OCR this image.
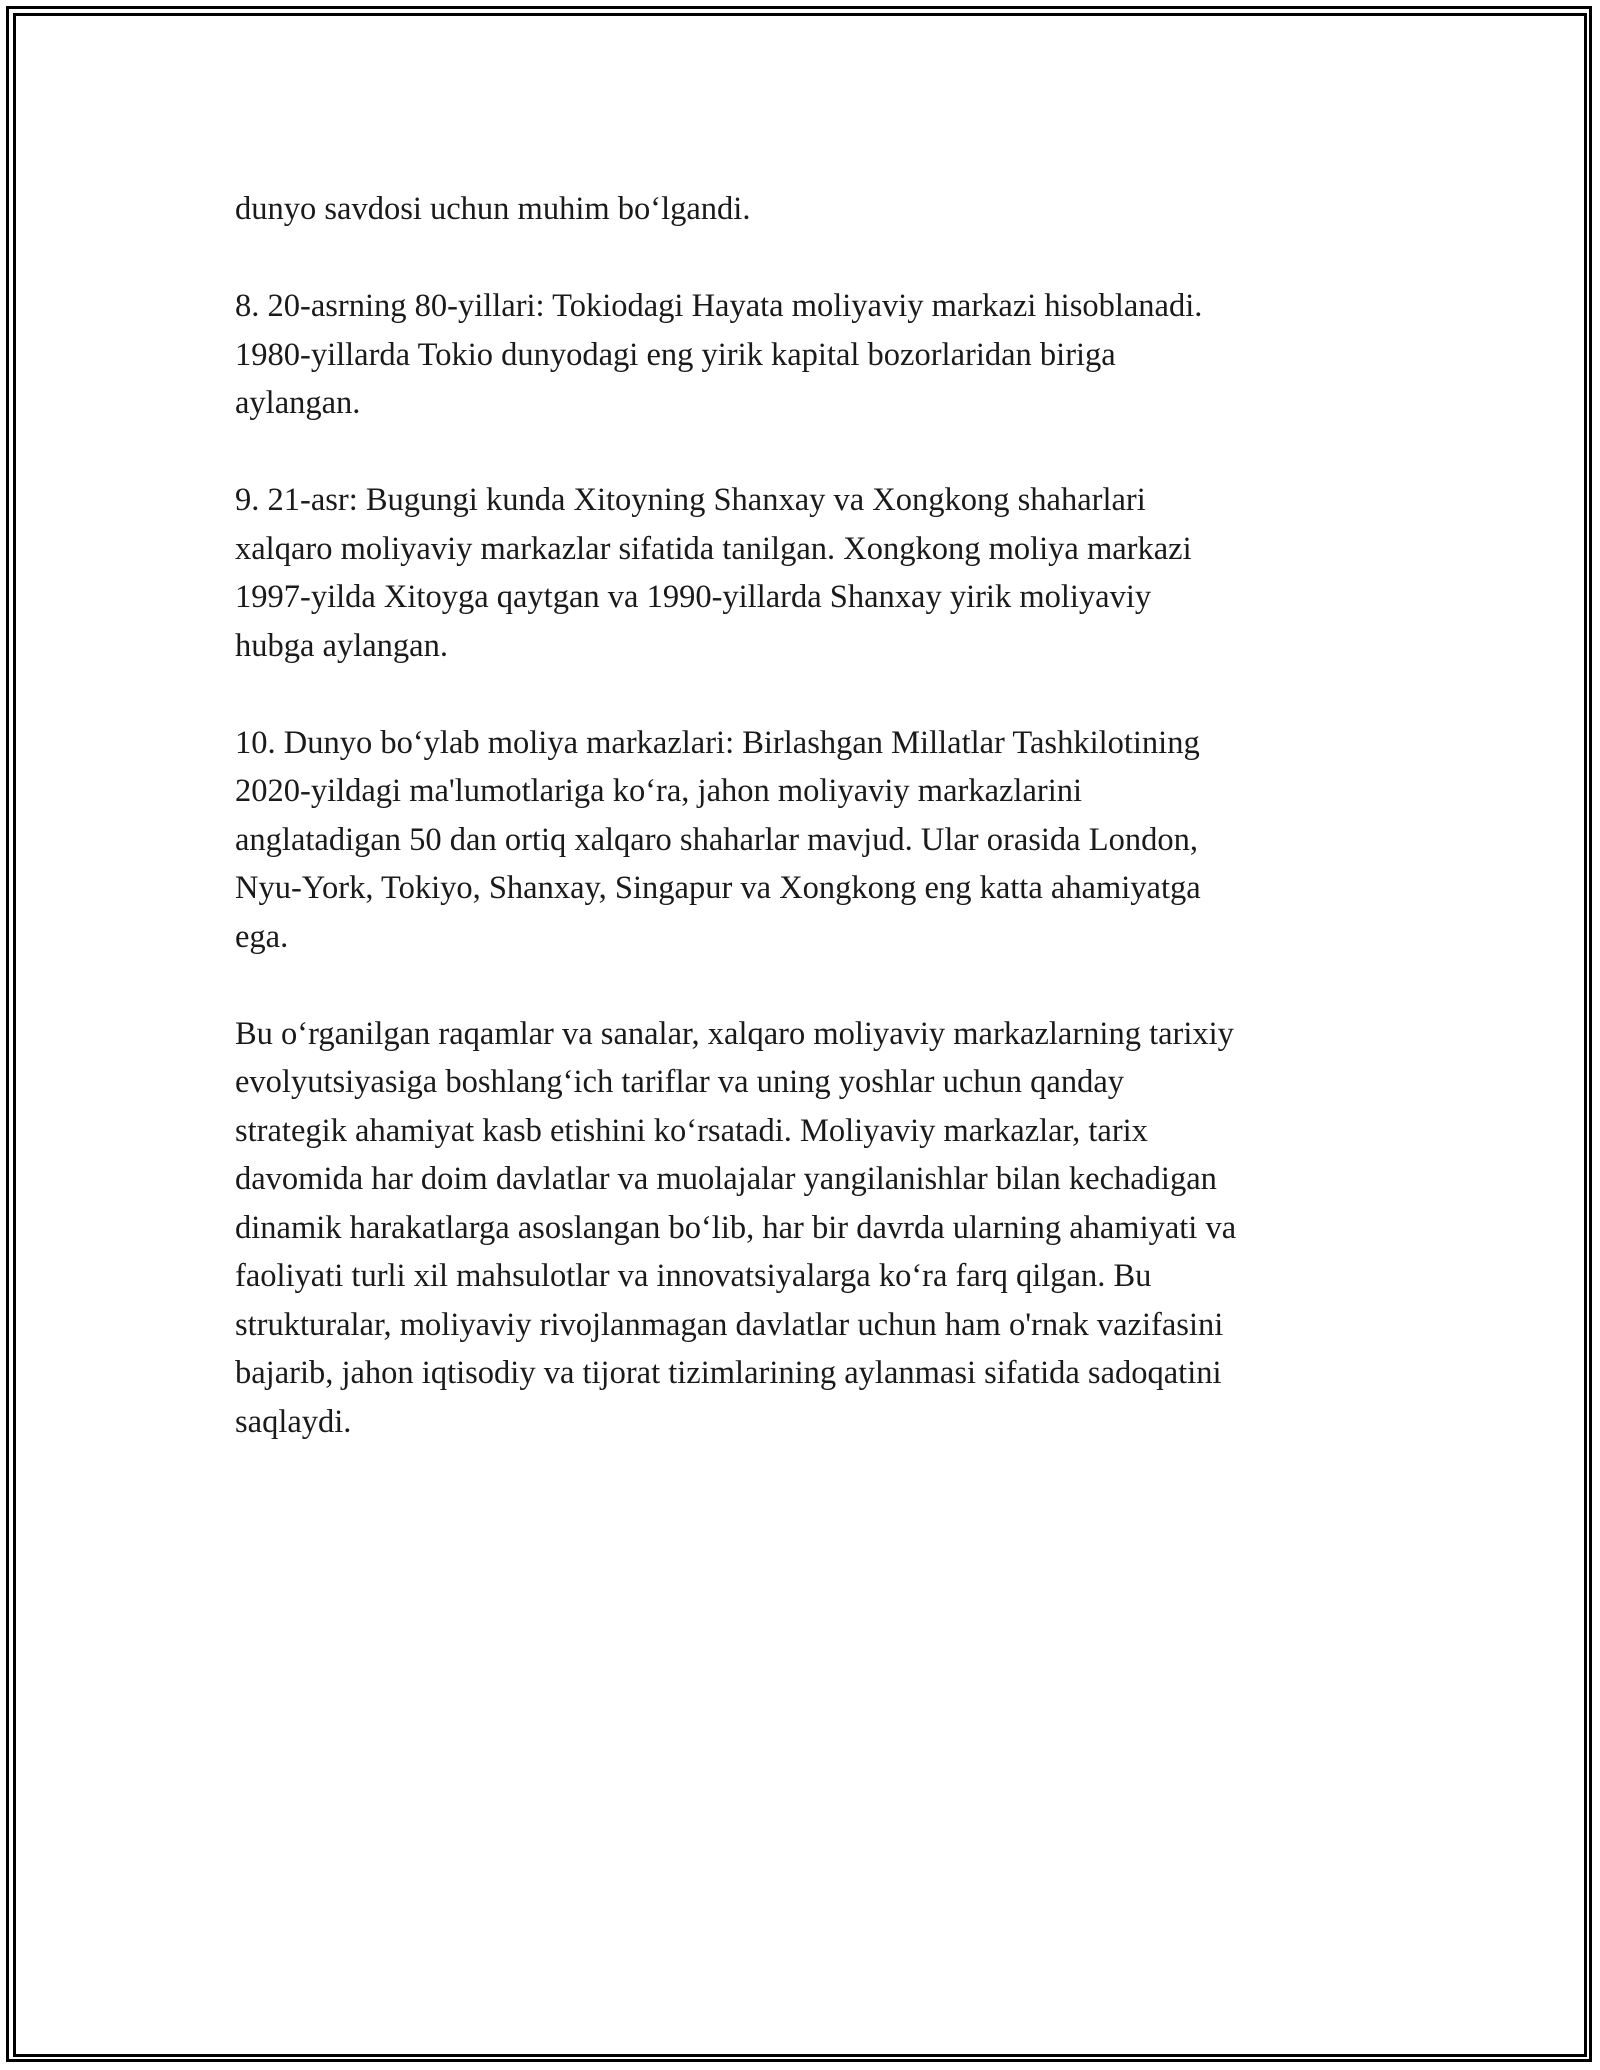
dunyo savdosi uchun muhim bo‘lgandi.

8. 20-asrning 80-yillari: Tokiodagi Hayata moliyaviy markazi hisoblanadi.
1980-yillarda Tokio dunyodagi eng yirik kapital bozorlaridan biriga
aylangan.

9. 21-asr: Bugungi kunda Xitoyning Shanxay va Xongkong shaharlari
xalqaro moliyaviy markazlar sifatida tanilgan. Xongkong moliya markazi
1997-yilda Xitoyga qaytgan va 1990-yillarda Shanxay yirik moliyaviy
hubga aylangan.

10. Dunyo bo‘ylab moliya markazlari: Birlashgan Millatlar Tashkilotining
2020-yildagi ma'lumotlariga ko‘ra, jahon moliyaviy markazlarini
anglatadigan 50 dan ortiq xalqaro shaharlar mavjud. Ular orasida London,
Nyu-York, Tokiyo, Shanxay, Singapur va Xongkong eng katta ahamiyatga
ega.

Bu o‘rganilgan raqamlar va sanalar, xalqaro moliyaviy markazlarning tarixiy
evolyutsiyasiga boshlang‘ich tariflar va uning yoshlar uchun qanday
strategik ahamiyat kasb etishini ko‘rsatadi. Moliyaviy markazlar, tarix
davomida har doim davlatlar va muolajalar yangilanishlar bilan kechadigan
dinamik harakatlarga asoslangan bo‘lib, har bir davrda ularning ahamiyati va
faoliyati turli xil mahsulotlar va innovatsiyalarga ko‘ra farq qilgan. Bu
strukturalar, moliyaviy rivojlanmagan davlatlar uchun ham o'rnak vazifasini
bajarib, jahon iqtisodiy va tijorat tizimlarining aylanmasi sifatida sadoqatini
saqlaydi.
